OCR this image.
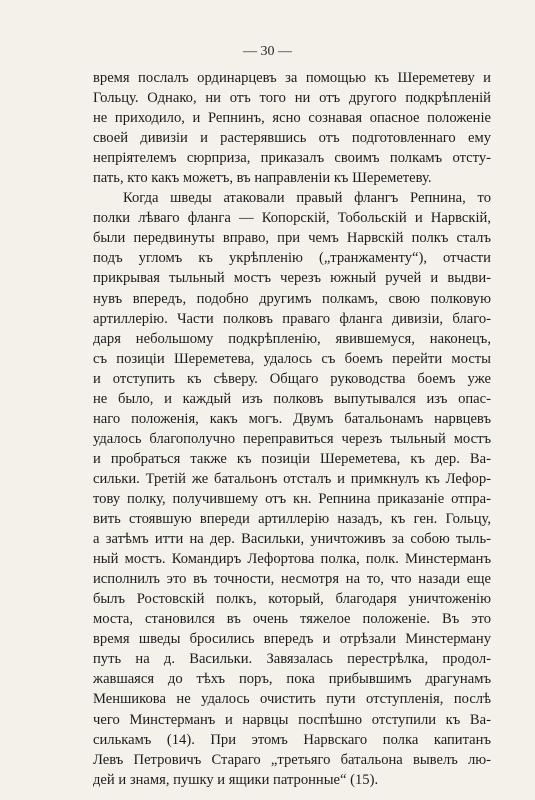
— 30 —
время послалъ ординарцевъ за помощью къ Шереметеву и
Гольцу. Однако, ни отъ того ни отъ другого подкрѣпленій
не приходило, и Репнинъ, ясно сознавая опасное положеніе
своей дивизіи и растерявшись отъ подготовленнаго ему
непріятелемъ сюрприза, приказалъ своимъ полкамъ отсту-
пать, кто какъ можетъ, въ направленіи къ Шереметеву.
Когда шведы атаковали правый флангъ Репнина, то
полки лѣваго фланга — Копорскій, Тобольскій и Нарвскій,
были передвинуты вправо, при чемъ Нарвскій полкъ сталъ
подъ угломъ къ укрѣпленію („транжаменту“), отчасти
прикрывая тыльный мостъ черезъ южный ручей и выдви-
нувъ впередъ, подобно другимъ полкамъ, свою полковую
артиллерію. Части полковъ праваго фланга дивизіи, благо-
даря небольшому подкрѣпленію, явившемуся, наконецъ,
съ позиціи Шереметева, удалось съ боемъ перейти мосты
и отступить къ сѣверу. Общаго руководства боемъ уже
не было, и каждый изъ полковъ выпутывался изъ опас-
наго положенія, какъ могъ. Двумъ батальонамъ нарвцевъ
удалось благополучно переправиться черезъ тыльный мостъ
и пробраться также къ позиціи Шереметева, къ дер. Ва-
сильки. Третій же батальонъ отсталъ и примкнулъ къ Лефор-
тову полку, получившему отъ кн. Репнина приказаніе отпра-
вить стоявшую впереди артиллерію назадъ, къ ген. Гольцу,
а затѣмъ итти на дер. Васильки, уничтоживъ за собою тыль-
ный мостъ. Командиръ Лефортова полка, полк. Минстерманъ
исполнилъ это въ точности, несмотря на то, что назади еще
былъ Ростовскій полкъ, который, благодаря уничтоженію
моста, становился въ очень тяжелое положеніе. Въ это
время шведы бросились впередъ и отрѣзали Минстерману
путь на д. Васильки. Завязалась перестрѣлка, продол-
жавшаяся до тѣхъ поръ, пока прибывшимъ драгунамъ
Меншикова не удалось очистить пути отступленія, послѣ
чего Минстерманъ и нарвцы поспѣшно отступили къ Ва-
силькамъ (14). При этомъ Нарвскаго полка капитанъ
Левъ Петровичъ Стараго „третьяго батальона вывелъ лю-
дей и знамя, пушку и ящики патронные“ (15).
